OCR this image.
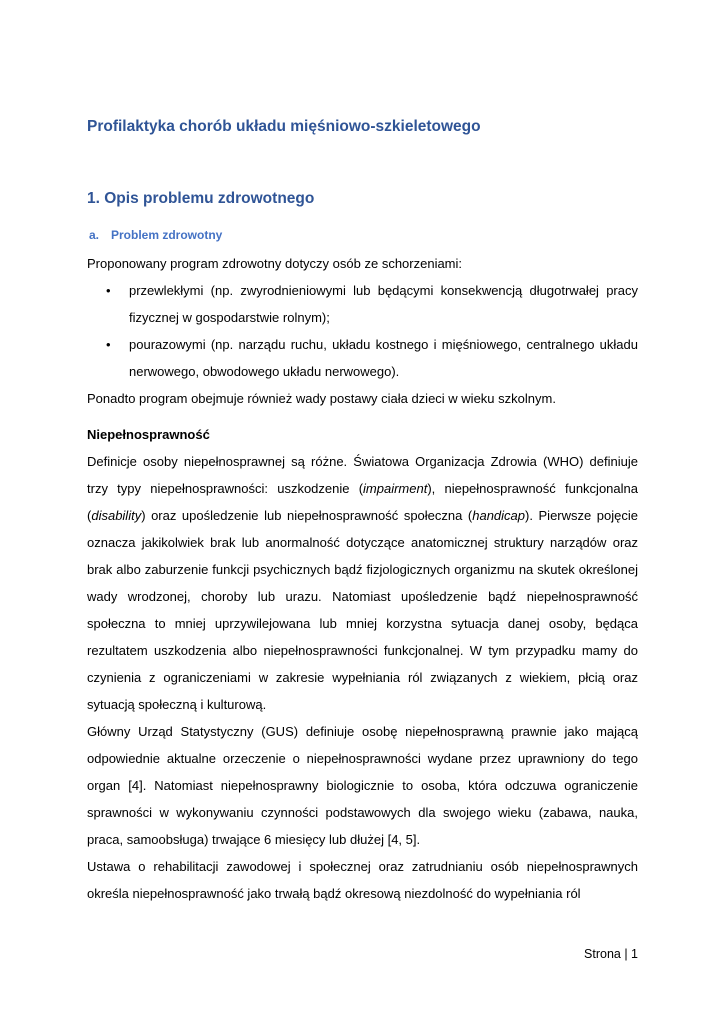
Profilaktyka chorób układu mięśniowo-szkieletowego
1. Opis problemu zdrowotnego
a. Problem zdrowotny

Proponowany program zdrowotny dotyczy osób ze schorzeniami:

• przewlekłymi (np. zwyrodnieniowymi lub będącymi konsekwencją długotrwałej pracy fizycznej w gospodarstwie rolnym);
• pourazowymi (np. narządu ruchu, układu kostnego i mięśniowego, centralnego układu nerwowego, obwodowego układu nerwowego).

Ponadto program obejmuje również wady postawy ciała dzieci w wieku szkolnym.

Niepełnosprawność

Definicje osoby niepełnosprawnej są różne. Światowa Organizacja Zdrowia (WHO) definiuje trzy typy niepełnosprawności: uszkodzenie (impairment), niepełnosprawność funkcjonalna (disability) oraz upośledzenie lub niepełnosprawność społeczna (handicap). Pierwsze pojęcie oznacza jakikolwiek brak lub anormalność dotyczące anatomicznej struktury narządów oraz brak albo zaburzenie funkcji psychicznych bądź fizjologicznych organizmu na skutek określonej wady wrodzonej, choroby lub urazu. Natomiast upośledzenie bądź niepełnosprawność społeczna to mniej uprzywilejowana lub mniej korzystna sytuacja danej osoby, będąca rezultatem uszkodzenia albo niepełnosprawności funkcjonalnej. W tym przypadku mamy do czynienia z ograniczeniami w zakresie wypełniania ról związanych z wiekiem, płcią oraz sytuacją społeczną i kulturową.

Główny Urząd Statystyczny (GUS) definiuje osobę niepełnosprawną prawnie jako mającą odpowiednie aktualne orzeczenie o niepełnosprawności wydane przez uprawniony do tego organ [4]. Natomiast niepełnosprawny biologicznie to osoba, która odczuwa ograniczenie sprawności w wykonywaniu czynności podstawowych dla swojego wieku (zabawa, nauka, praca, samoobsługa) trwające 6 miesięcy lub dłużej [4, 5].

Ustawa o rehabilitacji zawodowej i społecznej oraz zatrudnianiu osób niepełnosprawnych określa niepełnosprawność jako trwałą bądź okresową niezdolność do wypełniania ról

Strona | 1
